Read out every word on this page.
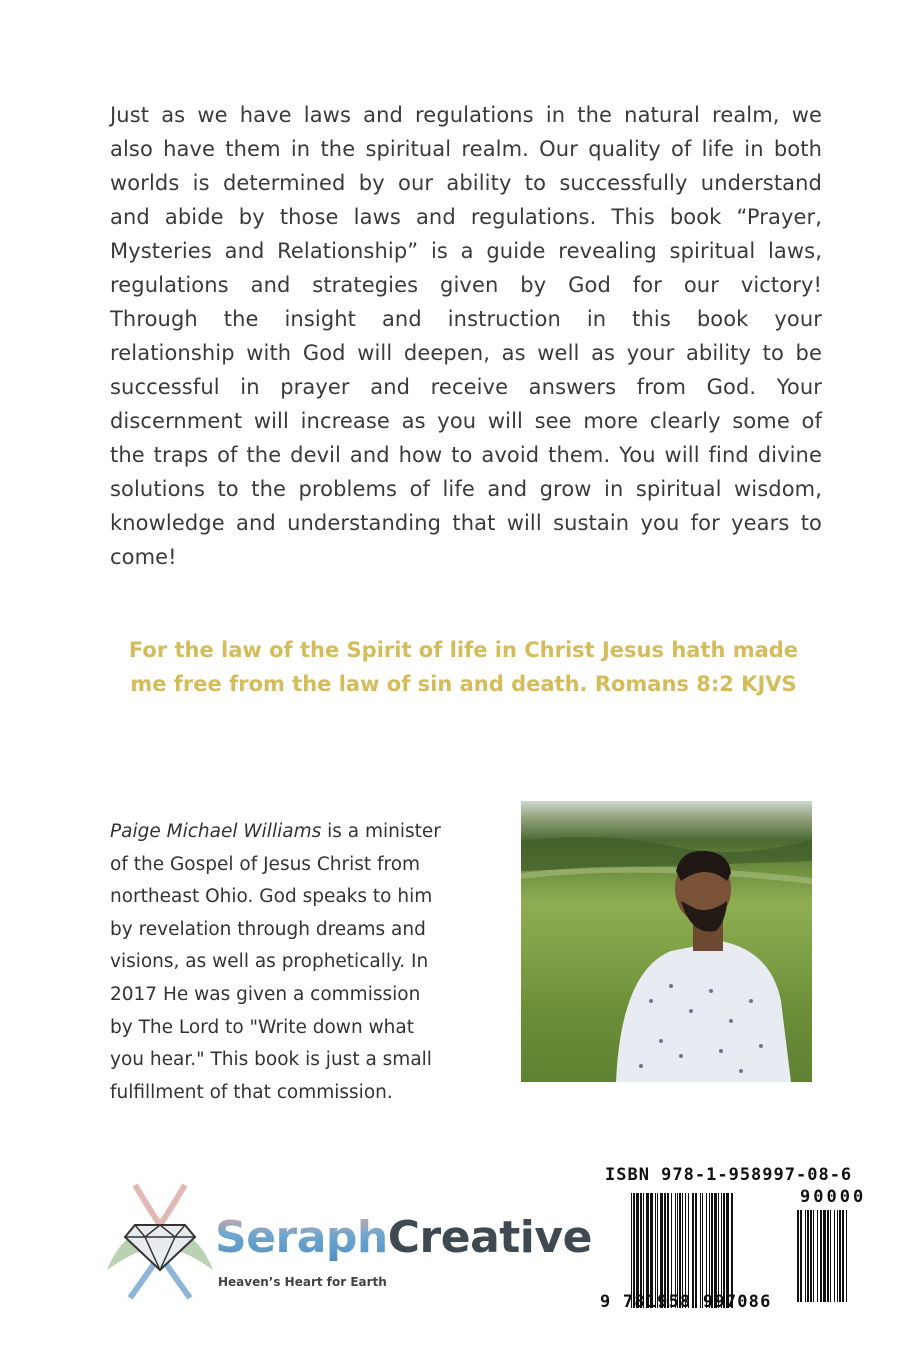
Just as we have laws and regulations in the natural realm, we
also have them in the spiritual realm. Our quality of life in both
worlds is determined by our ability to successfully understand
and abide by those laws and regulations. This book “Prayer,
Mysteries and Relationship” is a guide revealing spiritual laws,
regulations and strategies given by God for our victory!
Through the insight and instruction in this book your
relationship with God will deepen, as well as your ability to be
successful in prayer and receive answers from God. Your
discernment will increase as you will see more clearly some of
the traps of the devil and how to avoid them. You will find divine
solutions to the problems of life and grow in spiritual wisdom,
knowledge and understanding that will sustain you for years to
come!
For the law of the Spirit of life in Christ Jesus hath made
me free from the law of sin and death. Romans 8:2 KJVS
Paige Michael Williams is a minister
of the Gospel of Jesus Christ from
northeast Ohio. God speaks to him
by revelation through dreams and
visions, as well as prophetically. In
2017 He was given a commission
by The Lord to "Write down what
you hear." This book is just a small
fulfillment of that commission.
SeraphCreative
Heaven’s Heart for Earth
ISBN 978-1-958997-08-6
90000
9 781958 997086
